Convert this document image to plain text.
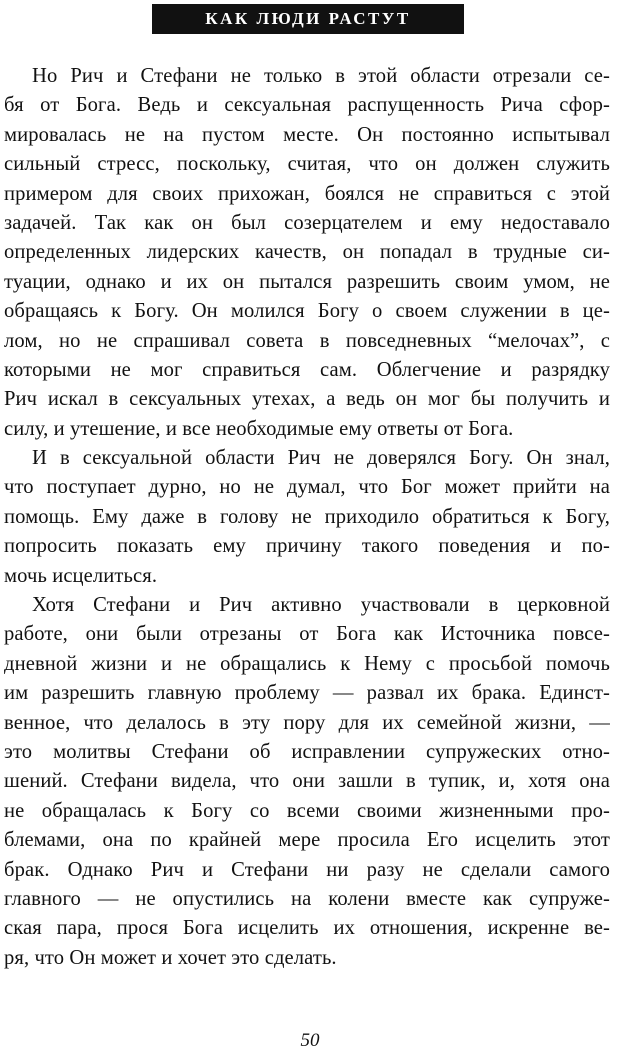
КАК ЛЮДИ РАСТУТ
Но Рич и Стефани не только в этой области отрезали се-
бя от Бога. Ведь и сексуальная распущенность Рича сфор-
мировалась не на пустом месте. Он постоянно испытывал
сильный стресс, поскольку, считая, что он должен служить
примером для своих прихожан, боялся не справиться с этой
задачей. Так как он был созерцателем и ему недоставало
определенных лидерских качеств, он попадал в трудные си-
туации, однако и их он пытался разрешить своим умом, не
обращаясь к Богу. Он молился Богу о своем служении в це-
лом, но не спрашивал совета в повседневных “мелочах”, с
которыми не мог справиться сам. Облегчение и разрядку
Рич искал в сексуальных утехах, а ведь он мог бы получить и
силу, и утешение, и все необходимые ему ответы от Бога.
И в сексуальной области Рич не доверялся Богу. Он знал,
что поступает дурно, но не думал, что Бог может прийти на
помощь. Ему даже в голову не приходило обратиться к Богу,
попросить показать ему причину такого поведения и по-
мочь исцелиться.
Хотя Стефани и Рич активно участвовали в церковной
работе, они были отрезаны от Бога как Источника повсе-
дневной жизни и не обращались к Нему с просьбой помочь
им разрешить главную проблему — развал их брака. Единст-
венное, что делалось в эту пору для их семейной жизни, —
это молитвы Стефани об исправлении супружеских отно-
шений. Стефани видела, что они зашли в тупик, и, хотя она
не обращалась к Богу со всеми своими жизненными про-
блемами, она по крайней мере просила Его исцелить этот
брак. Однако Рич и Стефани ни разу не сделали самого
главного — не опустились на колени вместе как супруже-
ская пара, прося Бога исцелить их отношения, искренне ве-
ря, что Он может и хочет это сделать.
50
